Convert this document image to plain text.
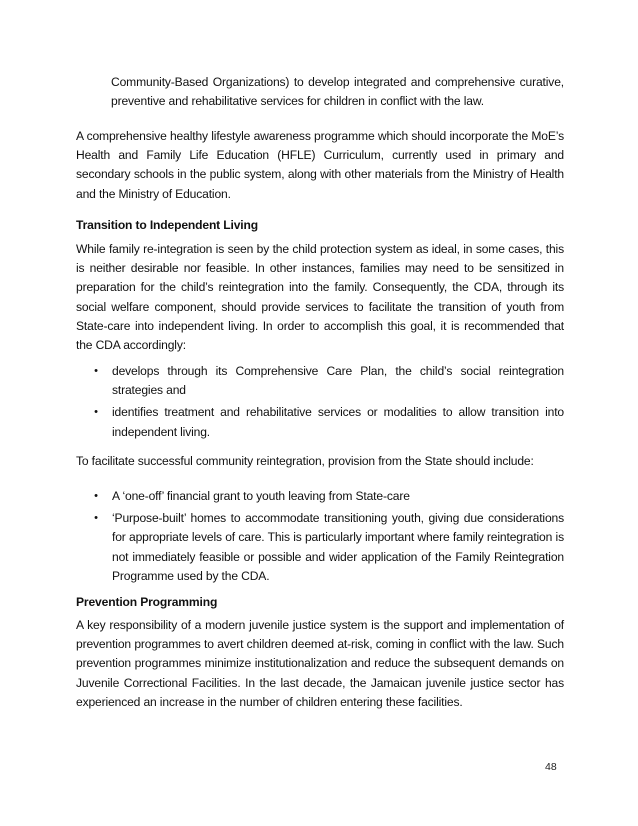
Community-Based Organizations) to develop integrated and comprehensive curative, preventive and rehabilitative services for children in conflict with the law.
A comprehensive healthy lifestyle awareness programme which should incorporate the MoE’s Health and Family Life Education (HFLE) Curriculum, currently used in primary and secondary schools in the public system, along with other materials from the Ministry of Health and the Ministry of Education.
Transition to Independent Living
While family re-integration is seen by the child protection system as ideal, in some cases, this is neither desirable nor feasible. In other instances, families may need to be sensitized in preparation for the child’s reintegration into the family. Consequently, the CDA, through its social welfare component, should provide services to facilitate the transition of youth from State-care into independent living. In order to accomplish this goal, it is recommended that the CDA accordingly:
• develops through its Comprehensive Care Plan, the child’s social reintegration strategies and
• identifies treatment and rehabilitative services or modalities to allow transition into independent living.
To facilitate successful community reintegration, provision from the State should include:
• A ‘one-off’ financial grant to youth leaving from State-care
• ‘Purpose-built’ homes to accommodate transitioning youth, giving due considerations for appropriate levels of care. This is particularly important where family reintegration is not immediately feasible or possible and wider application of the Family Reintegration Programme used by the CDA.
Prevention Programming
A key responsibility of a modern juvenile justice system is the support and implementation of prevention programmes to avert children deemed at-risk, coming in conflict with the law. Such prevention programmes minimize institutionalization and reduce the subsequent demands on Juvenile Correctional Facilities. In the last decade, the Jamaican juvenile justice sector has experienced an increase in the number of children entering these facilities.
48
